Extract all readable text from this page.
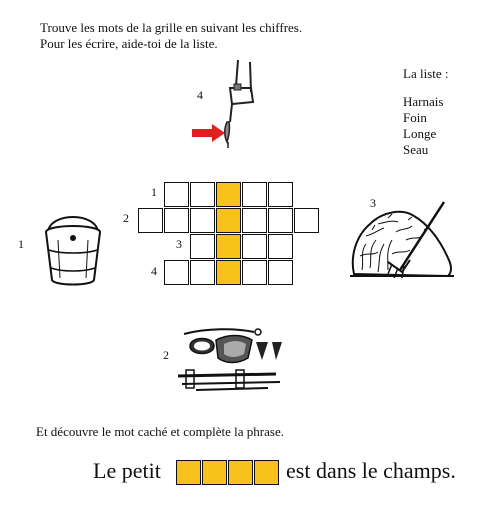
Trouve les mots de la grille en suivant les chiffres.
Pour les écrire, aide-toi de la liste.
La liste :
Harnais
Foin
Longe
Seau
4
1
1
2
3
4
3
2
Et découvre le mot caché et complète la phrase.
Le petit	est dans le champs.
